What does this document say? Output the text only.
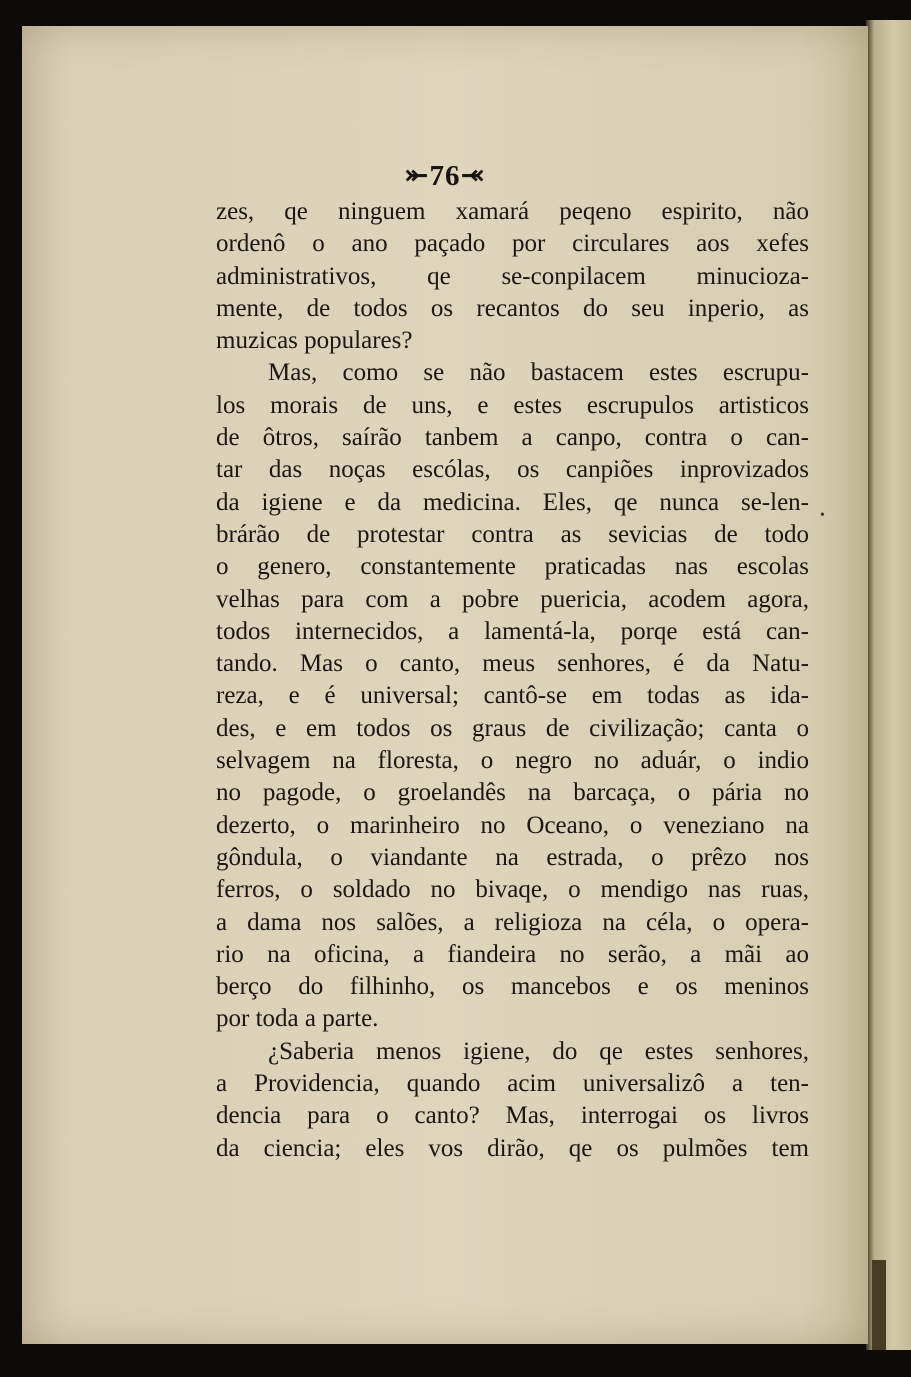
⤜76⤛
zes, qe ninguem xamará peqeno espirito, não
ordenô o ano paçado por circulares aos xefes
administrativos, qe se-conpilacem minucioza-
mente, de todos os recantos do seu inperio, as
muzicas populares?
Mas, como se não bastacem estes escrupu-
los morais de uns, e estes escrupulos artisticos
de ôtros, saírão tanbem a canpo, contra o can-
tar das noças escólas, os canpiões inprovizados
da igiene e da medicina. Eles, qe nunca se-len-
brárão de protestar contra as sevicias de todo
o genero, constantemente praticadas nas escolas
velhas para com a pobre puericia, acodem agora,
todos internecidos, a lamentá-la, porqe está can-
tando. Mas o canto, meus senhores, é da Natu-
reza, e é universal; cantô-se em todas as ida-
des, e em todos os graus de civilização; canta o
selvagem na floresta, o negro no aduár, o indio
no pagode, o groelandês na barcaça, o pária no
dezerto, o marinheiro no Oceano, o veneziano na
gôndula, o viandante na estrada, o prêzo nos
ferros, o soldado no bivaqe, o mendigo nas ruas,
a dama nos salões, a religioza na céla, o opera-
rio na oficina, a fiandeira no serão, a mãi ao
berço do filhinho, os mancebos e os meninos
por toda a parte.
¿Saberia menos igiene, do qe estes senhores,
a Providencia, quando acim universalizô a ten-
dencia para o canto? Mas, interrogai os livros
da ciencia; eles vos dirão, qe os pulmões tem
•
